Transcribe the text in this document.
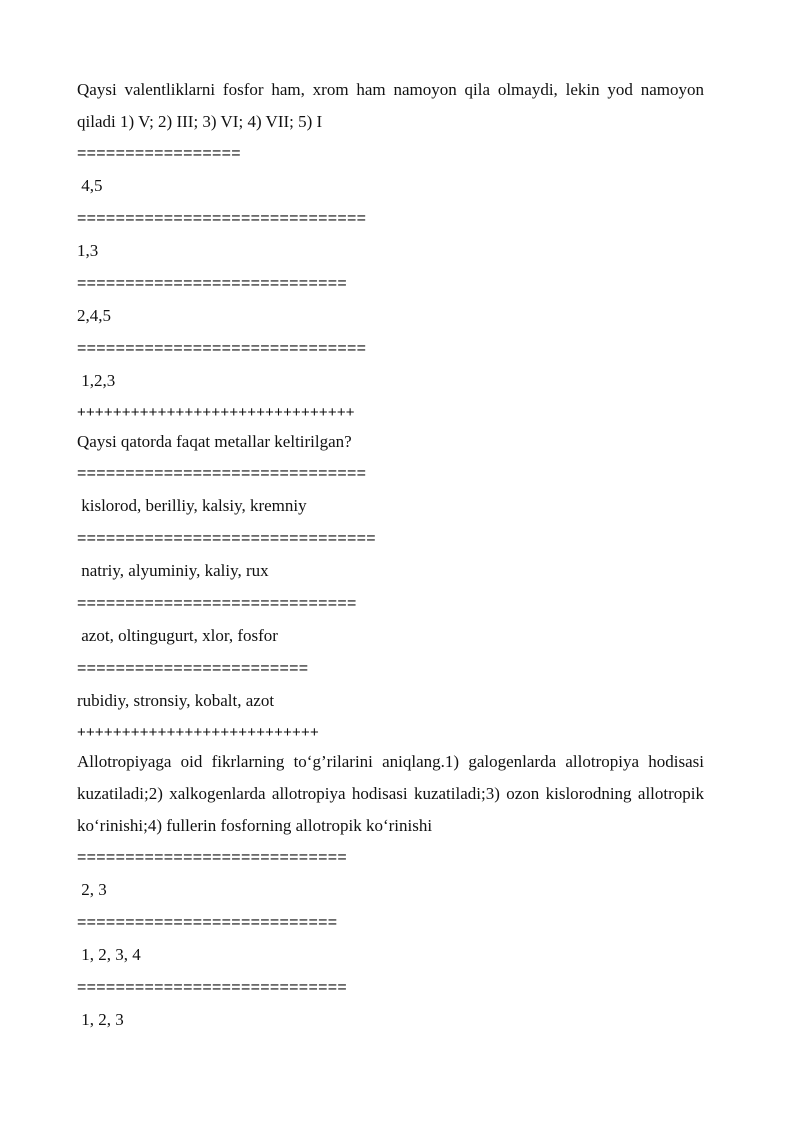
Qaysi valentliklarni fosfor ham, xrom ham namoyon qila olmaydi, lekin yod namoyon qiladi 1) V; 2) III; 3) VI; 4) VII; 5) I

=================
4,5
==============================
1,3
============================
2,4,5
==============================
1,2,3
+++++++++++++++++++++++++++++++

Qaysi qatorda faqat metallar keltirilgan?

==============================
kislorod, berilliy, kalsiy, kremniy
===============================
natriy, alyuminiy, kaliy, rux
=============================
azot, oltingugurt, xlor, fosfor
========================
rubidiy, stronsiy, kobalt, azot
+++++++++++++++++++++++++++

Allotropiyaga oid fikrlarning to‘g’rilarini aniqlang.1) galogenlarda allotropiya hodisasi kuzatiladi;2) xalkogenlarda allotropiya hodisasi kuzatiladi;3) ozon kislorodning allotropik ko‘rinishi;4) fullerin fosforning allotropik ko‘rinishi

============================
2, 3
===========================
1, 2, 3, 4
============================
1, 2, 3
